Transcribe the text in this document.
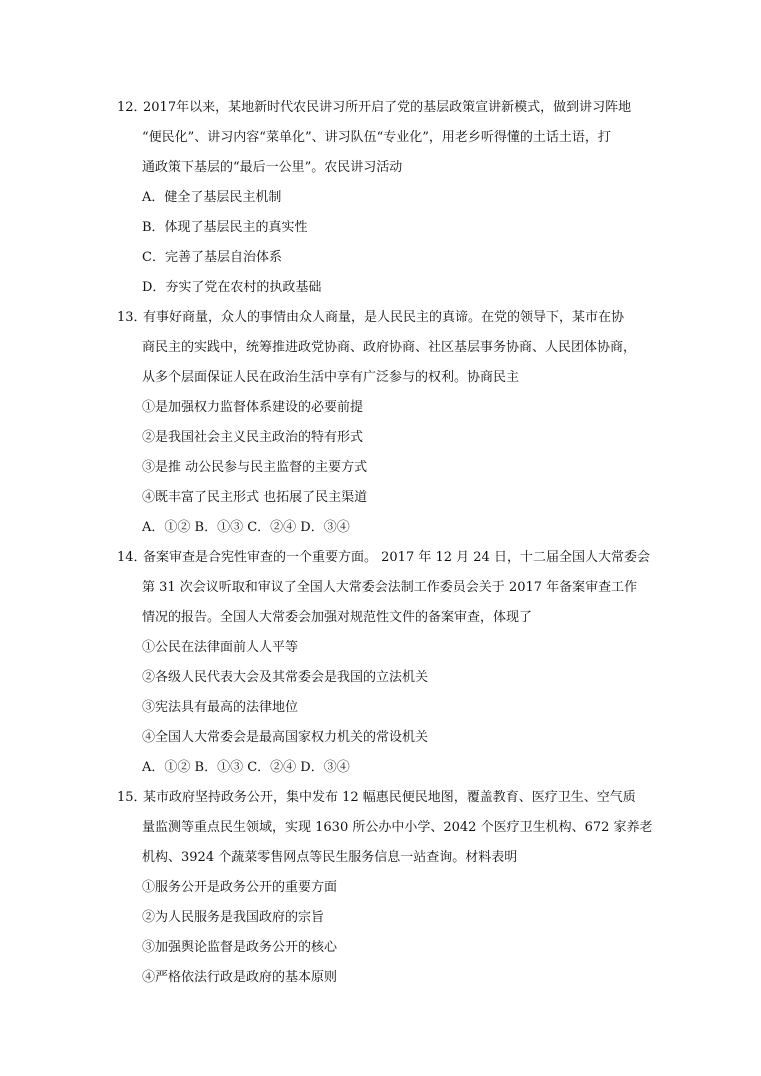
12．
2017年以来，某地新时代农民讲习所开启了党的基层政策宣讲新模式，做到讲习阵地
“便民化”、讲习内容“菜单化”、讲习队伍“专业化”，用老乡听得懂的土话土语，打
通政策下基层的“最后一公里”。农民讲习活动
A．健全了基层民主机制
B．体现了基层民主的真实性
C．完善了基层自治体系
D．夯实了党在农村的执政基础
13．
有事好商量，众人的事情由众人商量，是人民民主的真谛。在党的领导下，某市在协
商民主的实践中，统筹推进政党协商、政府协商、社区基层事务协商、人民团体协商，
从多个层面保证人民在政治生活中享有广泛参与的权利。协商民主
①是加强权力监督体系建设的必要前提
②是我国社会主义民主政治的特有形式
③是推 动公民参与民主监督的主要方式
④既丰富了民主形式 也拓展了民主渠道
A．①② B．①③ C．②④ D．③④
14．
备案审查是合宪性审查的一个重要方面。 2017 年 12 月 24 日，十二届全国人大常委会
第 31 次会议听取和审议了全国人大常委会法制工作委员会关于 2017 年备案审查工作
情况的报告。全国人大常委会加强对规范性文件的备案审查，体现了
①公民在法律面前人人平等
②各级人民代表大会及其常委会是我国的立法机关
③宪法具有最高的法律地位
④全国人大常委会是最高国家权力机关的常设机关
A．①② B．①③ C．②④ D．③④
15．
某市政府坚持政务公开，集中发布 12 幅惠民便民地图，覆盖教育、医疗卫生、空气质
量监测等重点民生领域，实现 1630 所公办中小学、2042 个医疗卫生机构、672 家养老
机构、3924 个蔬菜零售网点等民生服务信息一站查询。材料表明
①服务公开是政务公开的重要方面
②为人民服务是我国政府的宗旨
③加强舆论监督是政务公开的核心
④严格依法行政是政府的基本原则
